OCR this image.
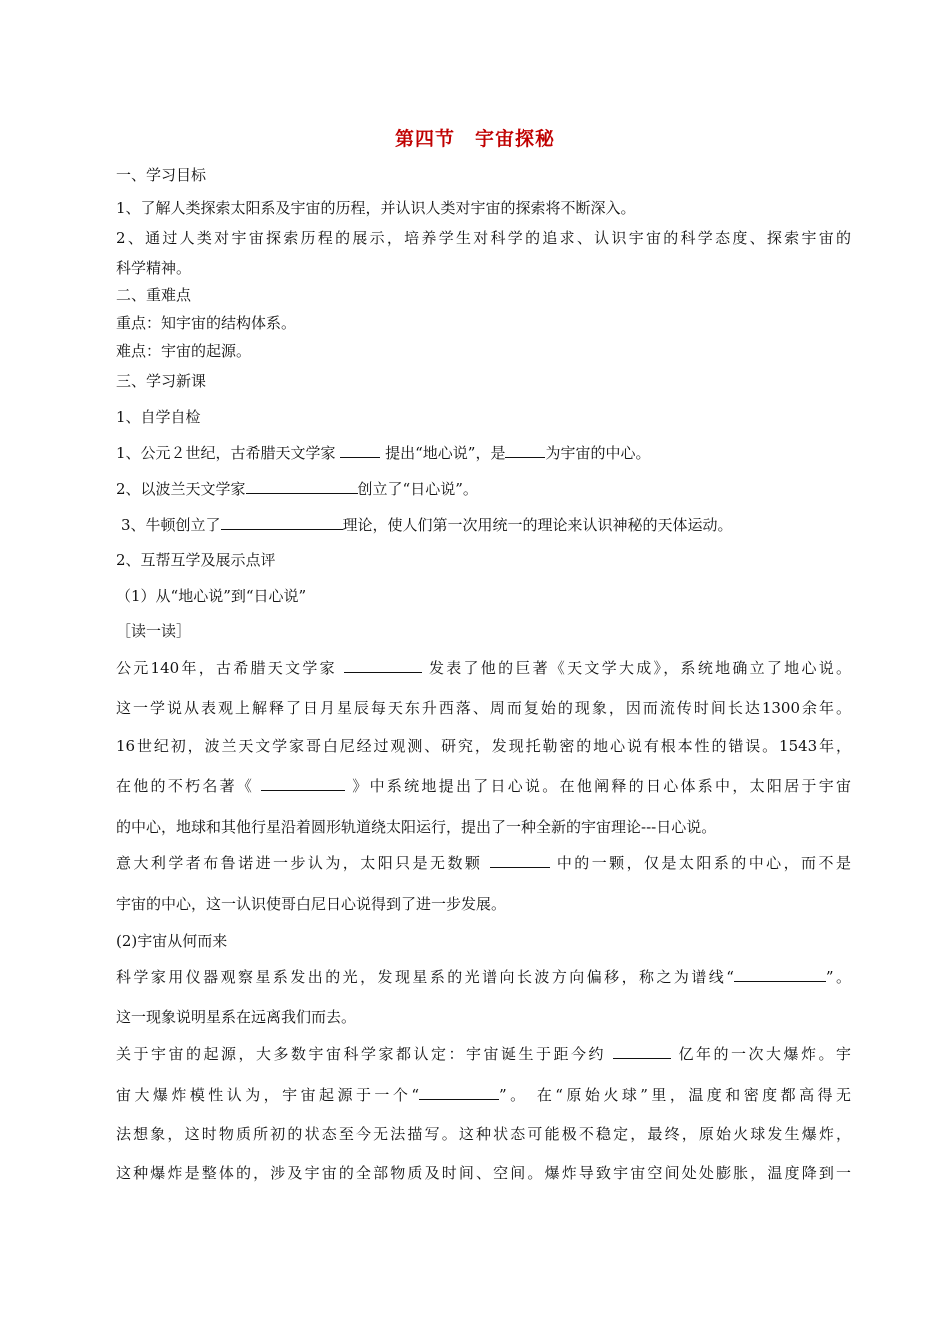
第四节　宇宙探秘
一、学习目标
1、了解人类探索太阳系及宇宙的历程，并认识人类对宇宙的探索将不断深入。
2、通过人类对宇宙探索历程的展示，培养学生对科学的追求、认识宇宙的科学态度、探索宇宙的
科学精神。
二、重难点
重点：知宇宙的结构体系。
难点：宇宙的起源。
三、学习新课
1、自学自检
1、公元２世纪，古希腊天文学家	提出“地心说”，是	为宇宙的中心。
2、以波兰天文学家	创立了“日心说”。
3、牛顿创立了	理论，使人们第一次用统一的理论来认识神秘的天体运动。
2、互帮互学及展示点评
（1）从“地心说”到“日心说”
［读一读］
公元140年，古希腊天文学家	发表了他的巨著《天文学大成》，系统地确立了地心说。
这一学说从表观上解释了日月星辰每天东升西落、周而复始的现象，因而流传时间长达1300余年。
16世纪初，波兰天文学家哥白尼经过观测、研究，发现托勒密的地心说有根本性的错误。1543年，
在他的不朽名著《	》中系统地提出了日心说。在他阐释的日心体系中，太阳居于宇宙
的中心，地球和其他行星沿着圆形轨道绕太阳运行，提出了一种全新的宇宙理论---日心说。
意大利学者布鲁诺进一步认为，太阳只是无数颗	中的一颗，仅是太阳系的中心，而不是
宇宙的中心，这一认识使哥白尼日心说得到了进一步发展。
(2)宇宙从何而来
科学家用仪器观察星系发出的光，发现星系的光谱向长波方向偏移，称之为谱线“	”。
这一现象说明星系在远离我们而去。
关于宇宙的起源，大多数宇宙科学家都认定：宇宙诞生于距今约	亿年的一次大爆炸。宇
宙大爆炸模性认为，宇宙起源于一个“	”。 在“原始火球”里，温度和密度都高得无
法想象，这时物质所初的状态至今无法描写。这种状态可能极不稳定，最终，原始火球发生爆炸，
这种爆炸是整体的，涉及宇宙的全部物质及时间、空间。爆炸导致宇宙空间处处膨胀，温度降到一
